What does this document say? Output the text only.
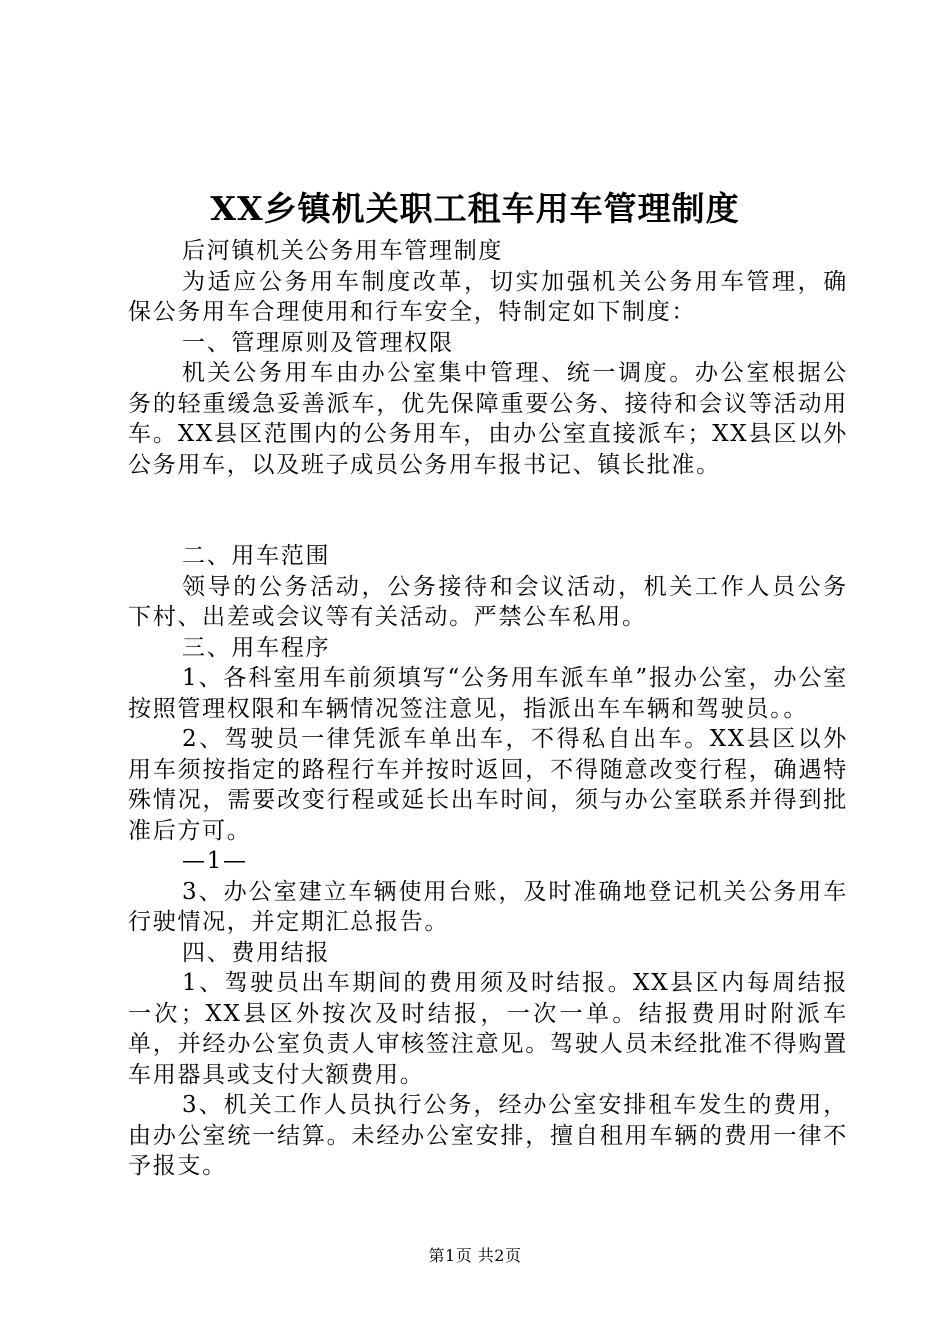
XX乡镇机关职工租车用车管理制度

后河镇机关公务用车管理制度

为适应公务用车制度改革，切实加强机关公务用车管理，确保公务用车合理使用和行车安全，特制定如下制度：

一、管理原则及管理权限

机关公务用车由办公室集中管理、统一调度。办公室根据公务的轻重缓急妥善派车，优先保障重要公务、接待和会议等活动用车。XX县区范围内的公务用车，由办公室直接派车；XX县区以外公务用车，以及班子成员公务用车报书记、镇长批准。

二、用车范围

领导的公务活动，公务接待和会议活动，机关工作人员公务下村、出差或会议等有关活动。严禁公车私用。

三、用车程序

1、各科室用车前须填写“公务用车派车单”报办公室，办公室按照管理权限和车辆情况签注意见，指派出车车辆和驾驶员。。

2、驾驶员一律凭派车单出车，不得私自出车。XX县区以外用车须按指定的路程行车并按时返回，不得随意改变行程，确遇特殊情况，需要改变行程或延长出车时间，须与办公室联系并得到批准后方可。

—1—

3、办公室建立车辆使用台账，及时准确地登记机关公务用车行驶情况，并定期汇总报告。

四、费用结报

1、驾驶员出车期间的费用须及时结报。XX县区内每周结报一次；XX县区外按次及时结报，一次一单。结报费用时附派车单，并经办公室负责人审核签注意见。驾驶人员未经批准不得购置车用器具或支付大额费用。

3、机关工作人员执行公务，经办公室安排租车发生的费用，由办公室统一结算。未经办公室安排，擅自租用车辆的费用一律不予报支。

第1页 共2页
